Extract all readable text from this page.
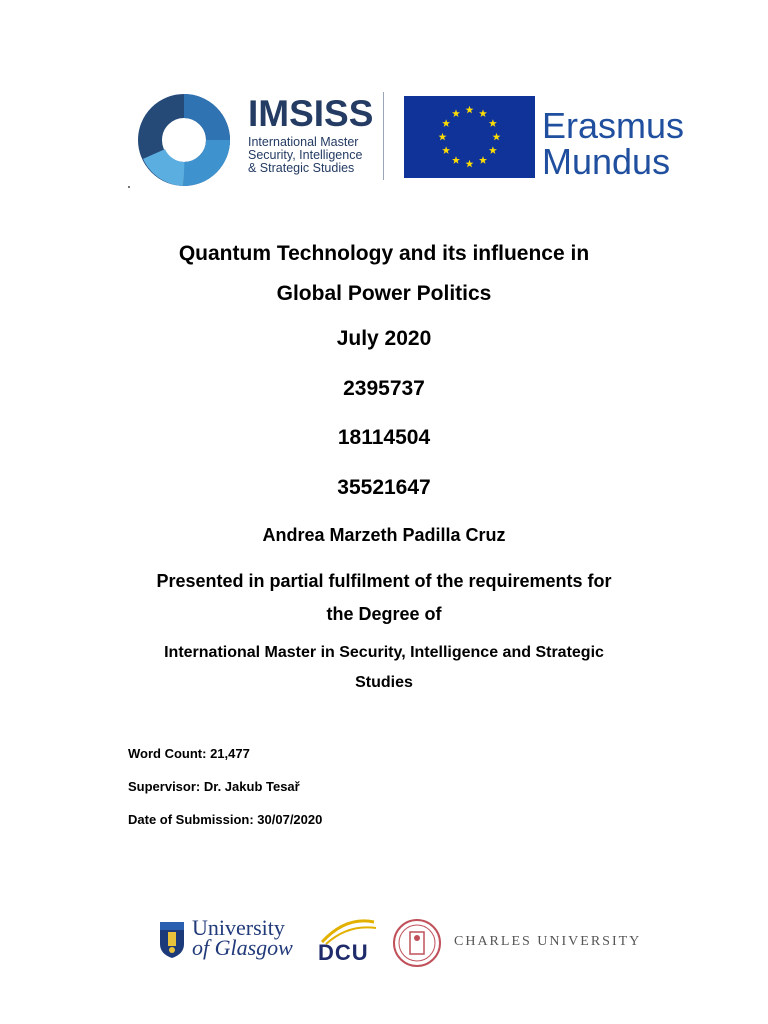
IMSISS
International Master
Security, Intelligence
& Strategic Studies
Erasmus
Mundus
Quantum Technology and its influence in
Global Power Politics
July 2020
2395737
18114504
35521647
Andrea Marzeth Padilla Cruz
Presented in partial fulfilment of the requirements for
the Degree of
International Master in Security, Intelligence and Strategic
Studies
Word Count: 21,477
Supervisor: Dr. Jakub Tesař
Date of Submission: 30/07/2020
University
of Glasgow DCU	CHARLES UNIVERSITY
